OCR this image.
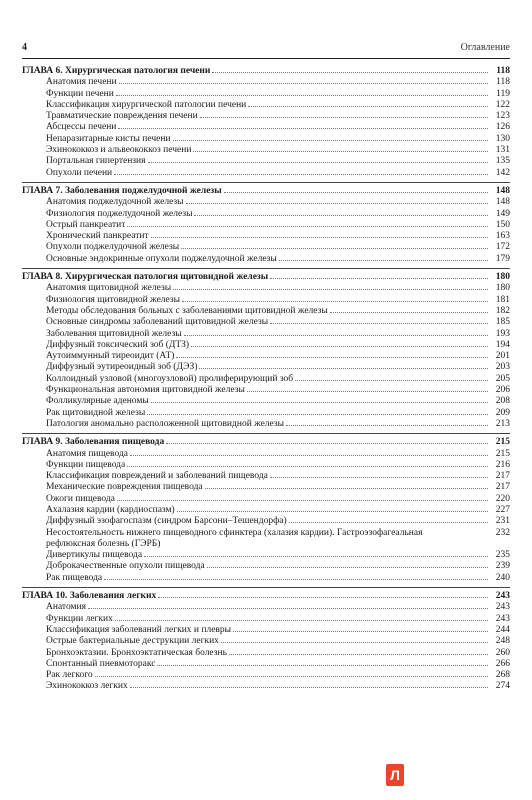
4	Оглавление
ГЛАВА 6. Хирургическая патология печени	118
Анатомия печени	118
Функции печени	119
Классификация хирургической патологии печени	122
Травматические повреждения печени	123
Абсцессы печени	126
Непаразитарные кисты печени	130
Эхинококкоз и альвеококкоз печени	131
Портальная гипертензия	135
Опухоли печени	142
ГЛАВА 7. Заболевания поджелудочной железы	148
Анатомия поджелудочной железы	148
Физиология поджелудочной железы	149
Острый панкреатит	150
Хронический панкреатит	163
Опухоли поджелудочной железы	172
Основные эндокринные опухоли поджелудочной железы	179
ГЛАВА 8. Хирургическая патология щитовидной железы	180
Анатомия щитовидной железы	180
Физиология щитовидной железы	181
Методы обследования больных с заболеваниями щитовидной железы	182
Основные синдромы заболеваний щитовидной железы	185
Заболевания щитовидной железы	193
Диффузный токсический зоб (ДТЗ)	194
Аутоиммунный тиреоидит (АТ)	201
Диффузный эутиреоидный зоб (ДЭЗ)	203
Коллоидный узловой (многоузловой) пролиферирующий зоб	205
Функциональная автономия щитовидной железы	206
Фолликулярные аденомы	208
Рак щитовидной железы	209
Патология аномально расположенной щитовидной железы	213
ГЛАВА 9. Заболевания пищевода	215
Анатомия пищевода	215
Функции пищевода	216
Классификация повреждений и заболеваний пищевода	217
Механические повреждения пищевода	217
Ожоги пищевода	220
Ахалазия кардии (кардиоспазм)	227
Диффузный эзофагоспазм (синдром Барсони–Тешендорфа)	231
Несостоятельность нижнего пищеводного сфинктера (халазия кардии). Гастроэзофагеальная рефлюксная болезнь (ГЭРБ)
232
Дивертикулы пищевода	235
Доброкачественные опухоли пищевода	239
Рак пищевода	240
ГЛАВА 10. Заболевания легких	243
Анатомия	243
Функции легких	243
Классификация заболеваний легких и плевры	244
Острые бактериальные деструкции легких	248
Бронхоэктазии. Бронхоэктатическая болезнь	260
Спонтанный пневмоторакс	266
Рак легкого	268
Эхинококкоз легких	274
Л
